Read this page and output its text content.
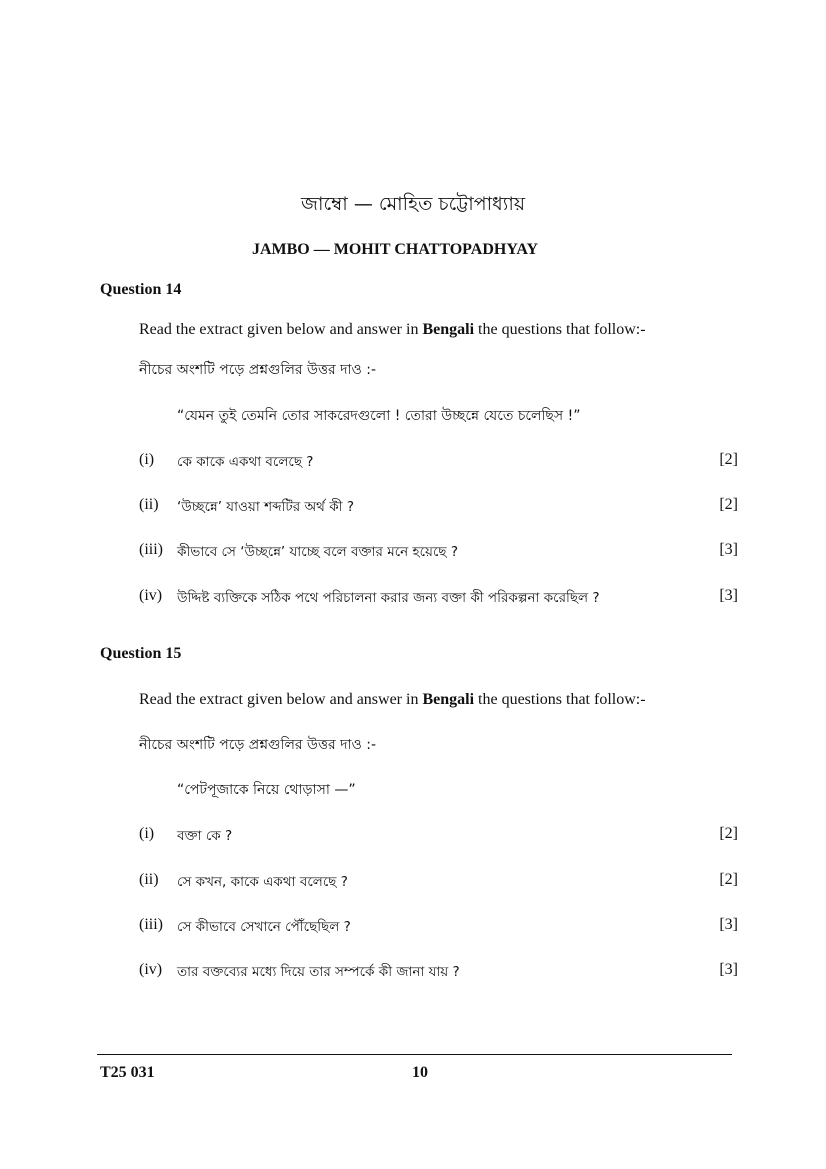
জাম্বো — মোহিত চট্টোপাধ্যায়
JAMBO — MOHIT CHATTOPADHYAY
Question 14
Read the extract given below and answer in Bengali the questions that follow:-
নীচের অংশটি পড়ে প্রশ্নগুলির উত্তর দাও :-
“যেমন তুই তেমনি তোর সাকরেদগুলো ! তোরা উচ্ছন্নে যেতে চলেছিস !”
(i) কে কাকে একথা বলেছে ?	[2]
(ii) ‘উচ্ছন্নে’ যাওয়া শব্দটির অর্থ কী ?	[2]
(iii) কীভাবে সে ‘উচ্ছন্নে’ যাচ্ছে বলে বক্তার মনে হয়েছে ?	[3]
(iv) উদ্দিষ্ট ব্যক্তিকে সঠিক পথে পরিচালনা করার জন্য বক্তা কী পরিকল্পনা করেছিল ?	[3]
Question 15
Read the extract given below and answer in Bengali the questions that follow:-
নীচের অংশটি পড়ে প্রশ্নগুলির উত্তর দাও :-
“পেটপূজাকে নিয়ে থোড়াসা —”
(i) বক্তা কে ?	[2]
(ii) সে কখন, কাকে একথা বলেছে ?	[2]
(iii) সে কীভাবে সেখানে পৌঁছেছিল ?	[3]
(iv) তার বক্তব্যের মধ্যে দিয়ে তার সম্পর্কে কী জানা যায় ?	[3]
T25 031	10
